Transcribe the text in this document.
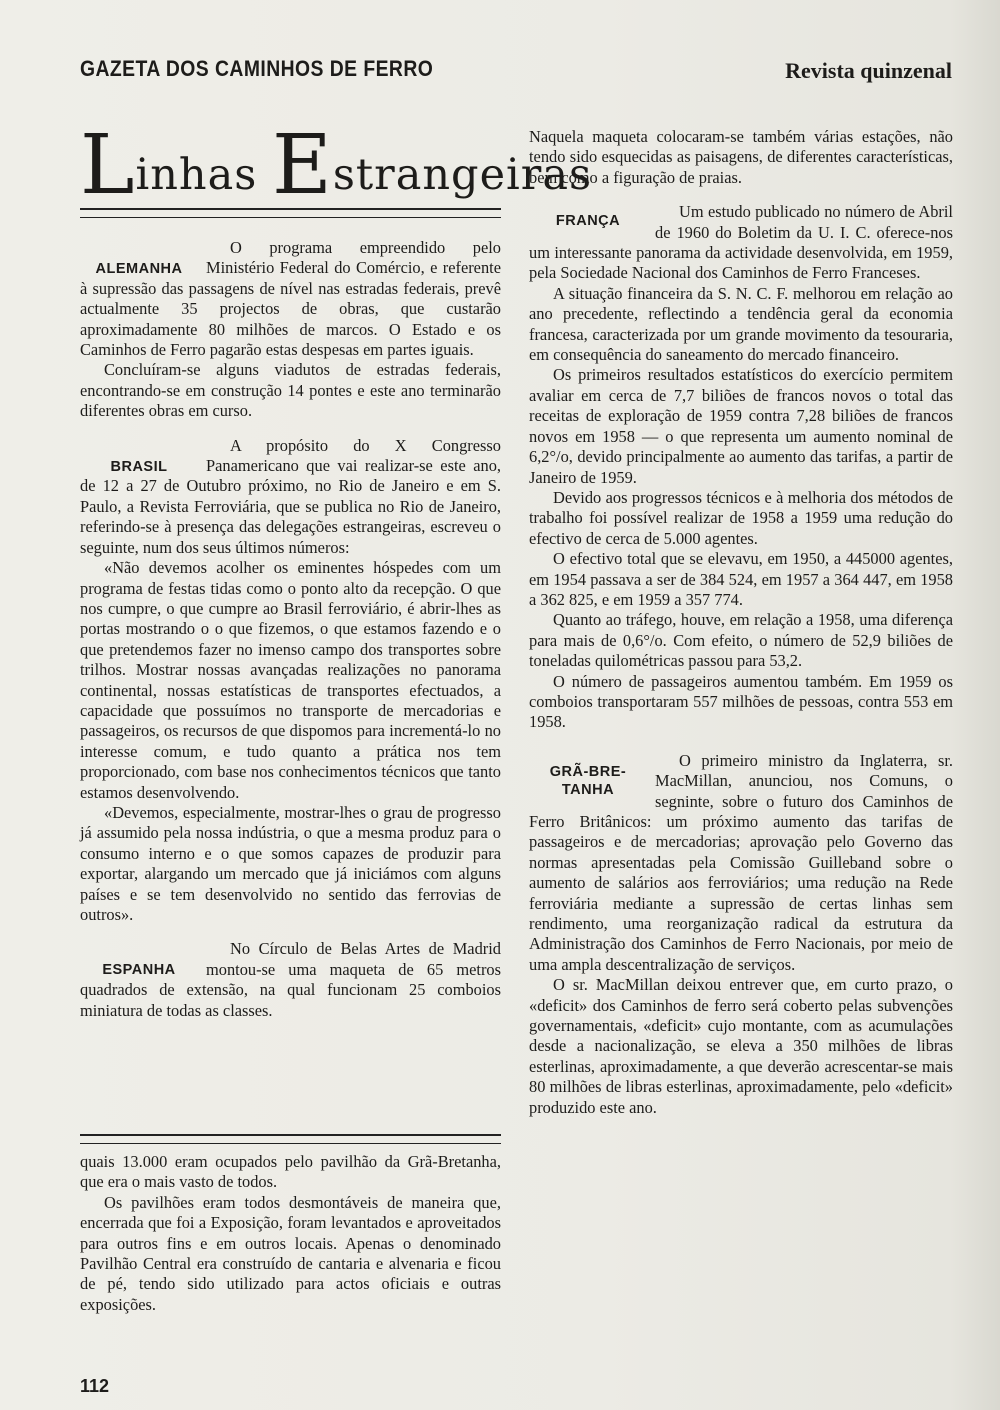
GAZETA DOS CAMINHOS DE FERRO	Revista quinzenal
Linhas Estrangeiras
ALEMANHA

O programa empreendido pelo Ministério Federal do Comércio, e referente à supressão das passagens de nível nas estradas federais, prevê actualmente 35 projectos de obras, que custarão aproximadamente 80 milhões de marcos. O Estado e os Caminhos de Ferro pagarão estas despesas em partes iguais.

Concluíram-se alguns viadutos de estradas federais, encontrando-se em construção 14 pontes e este ano terminarão diferentes obras em curso.

BRASIL

A propósito do X Congresso Panamericano que vai realizar-se este ano, de 12 a 27 de Outubro próximo, no Rio de Janeiro e em S. Paulo, a Revista Ferroviária, que se publica no Rio de Janeiro, referindo-se à presença das delegações estrangeiras, escreveu o seguinte, num dos seus últimos números:

«Não devemos acolher os eminentes hóspedes com um programa de festas tidas como o ponto alto da recepção. O que nos cumpre, o que cumpre ao Brasil ferroviário, é abrir-lhes as portas mostrando o o que fizemos, o que estamos fazendo e o que pretendemos fazer no imenso campo dos transportes sobre trilhos. Mostrar nossas avançadas realizações no panorama continental, nossas estatísticas de transportes efectuados, a capacidade que possuímos no transporte de mercadorias e passageiros, os recursos de que dispomos para incrementá-lo no interesse comum, e tudo quanto a prática nos tem proporcionado, com base nos conhecimentos técnicos que tanto estamos desenvolvendo.

«Devemos, especialmente, mostrar-lhes o grau de progresso já assumido pela nossa indústria, o que a mesma produz para o consumo interno e o que somos capazes de produzir para exportar, alargando um mercado que já iniciámos com alguns países e se tem desenvolvido no sentido das ferrovias de outros».

ESPANHA

No Círculo de Belas Artes de Madrid montou-se uma maqueta de 65 metros quadrados de extensão, na qual funcionam 25 comboios miniatura de todas as classes.

quais 13.000 eram ocupados pelo pavilhão da Grã-Bretanha, que era o mais vasto de todos.

Os pavilhões eram todos desmontáveis de maneira que, encerrada que foi a Exposição, foram levantados e aproveitados para outros fins e em outros locais. Apenas o denominado Pavilhão Central era construído de cantaria e alvenaria e ficou de pé, tendo sido utilizado para actos oficiais e outras exposições.

Naquela maqueta colocaram-se também várias estações, não tendo sido esquecidas as paisagens, de diferentes características, bem como a figuração de praias.

FRANÇA	Um estudo publicado no número de Abril de 1960 do Boletim da U. I. C. oferece-nos um interessante panorama da actividade desenvolvida, em 1959, pela Sociedade Nacional dos Caminhos de Ferro Franceses.

A situação financeira da S. N. C. F. melhorou em relação ao ano precedente, reflectindo a tendência geral da economia francesa, caracterizada por um grande movimento da tesouraria, em consequência do saneamento do mercado financeiro.

Os primeiros resultados estatísticos do exercício permitem avaliar em cerca de 7,7 biliões de francos novos o total das receitas de exploração de 1959 contra 7,28 biliões de francos novos em 1958 — o que representa um aumento nominal de 6,2°/o, devido principalmente ao aumento das tarifas, a partir de Janeiro de 1959.

Devido aos progressos técnicos e à melhoria dos métodos de trabalho foi possível realizar de 1958 a 1959 uma redução do efectivo de cerca de 5.000 agentes.

O efectivo total que se elevavu, em 1950, a 445000 agentes, em 1954 passava a ser de 384 524, em 1957 a 364 447, em 1958 a 362 825, e em 1959 a 357 774.

Quanto ao tráfego, houve, em relação a 1958, uma diferença para mais de 0,6°/o. Com efeito, o número de 52,9 biliões de toneladas quilométricas passou para 53,2.

O número de passageiros aumentou também. Em 1959 os comboios transportaram 557 milhões de pessoas, contra 553 em 1958.

GRÃ-BRE-
TANHA

O primeiro ministro da Inglaterra, sr. MacMillan, anunciou, nos Comuns, o segninte, sobre o futuro dos Caminhos de Ferro Britânicos: um próximo aumento das tarifas de passageiros e de mercadorias; aprovação pelo Governo das normas apresentadas pela Comissão Guilleband sobre o aumento de salários aos ferroviários; uma redução na Rede ferroviária mediante a supressão de certas linhas sem rendimento, uma reorganização radical da estrutura da Administração dos Caminhos de Ferro Nacionais, por meio de uma ampla descentralização de serviços.

O sr. MacMillan deixou entrever que, em curto prazo, o «deficit» dos Caminhos de ferro será coberto pelas subvenções governamentais, «deficit» cujo montante, com as acumulações desde a nacionalização, se eleva a 350 milhões de libras esterlinas, aproximadamente, a que deverão acrescentar-se mais 80 milhões de libras esterlinas, aproximadamente, pelo «deficit» produzido este ano.

112
